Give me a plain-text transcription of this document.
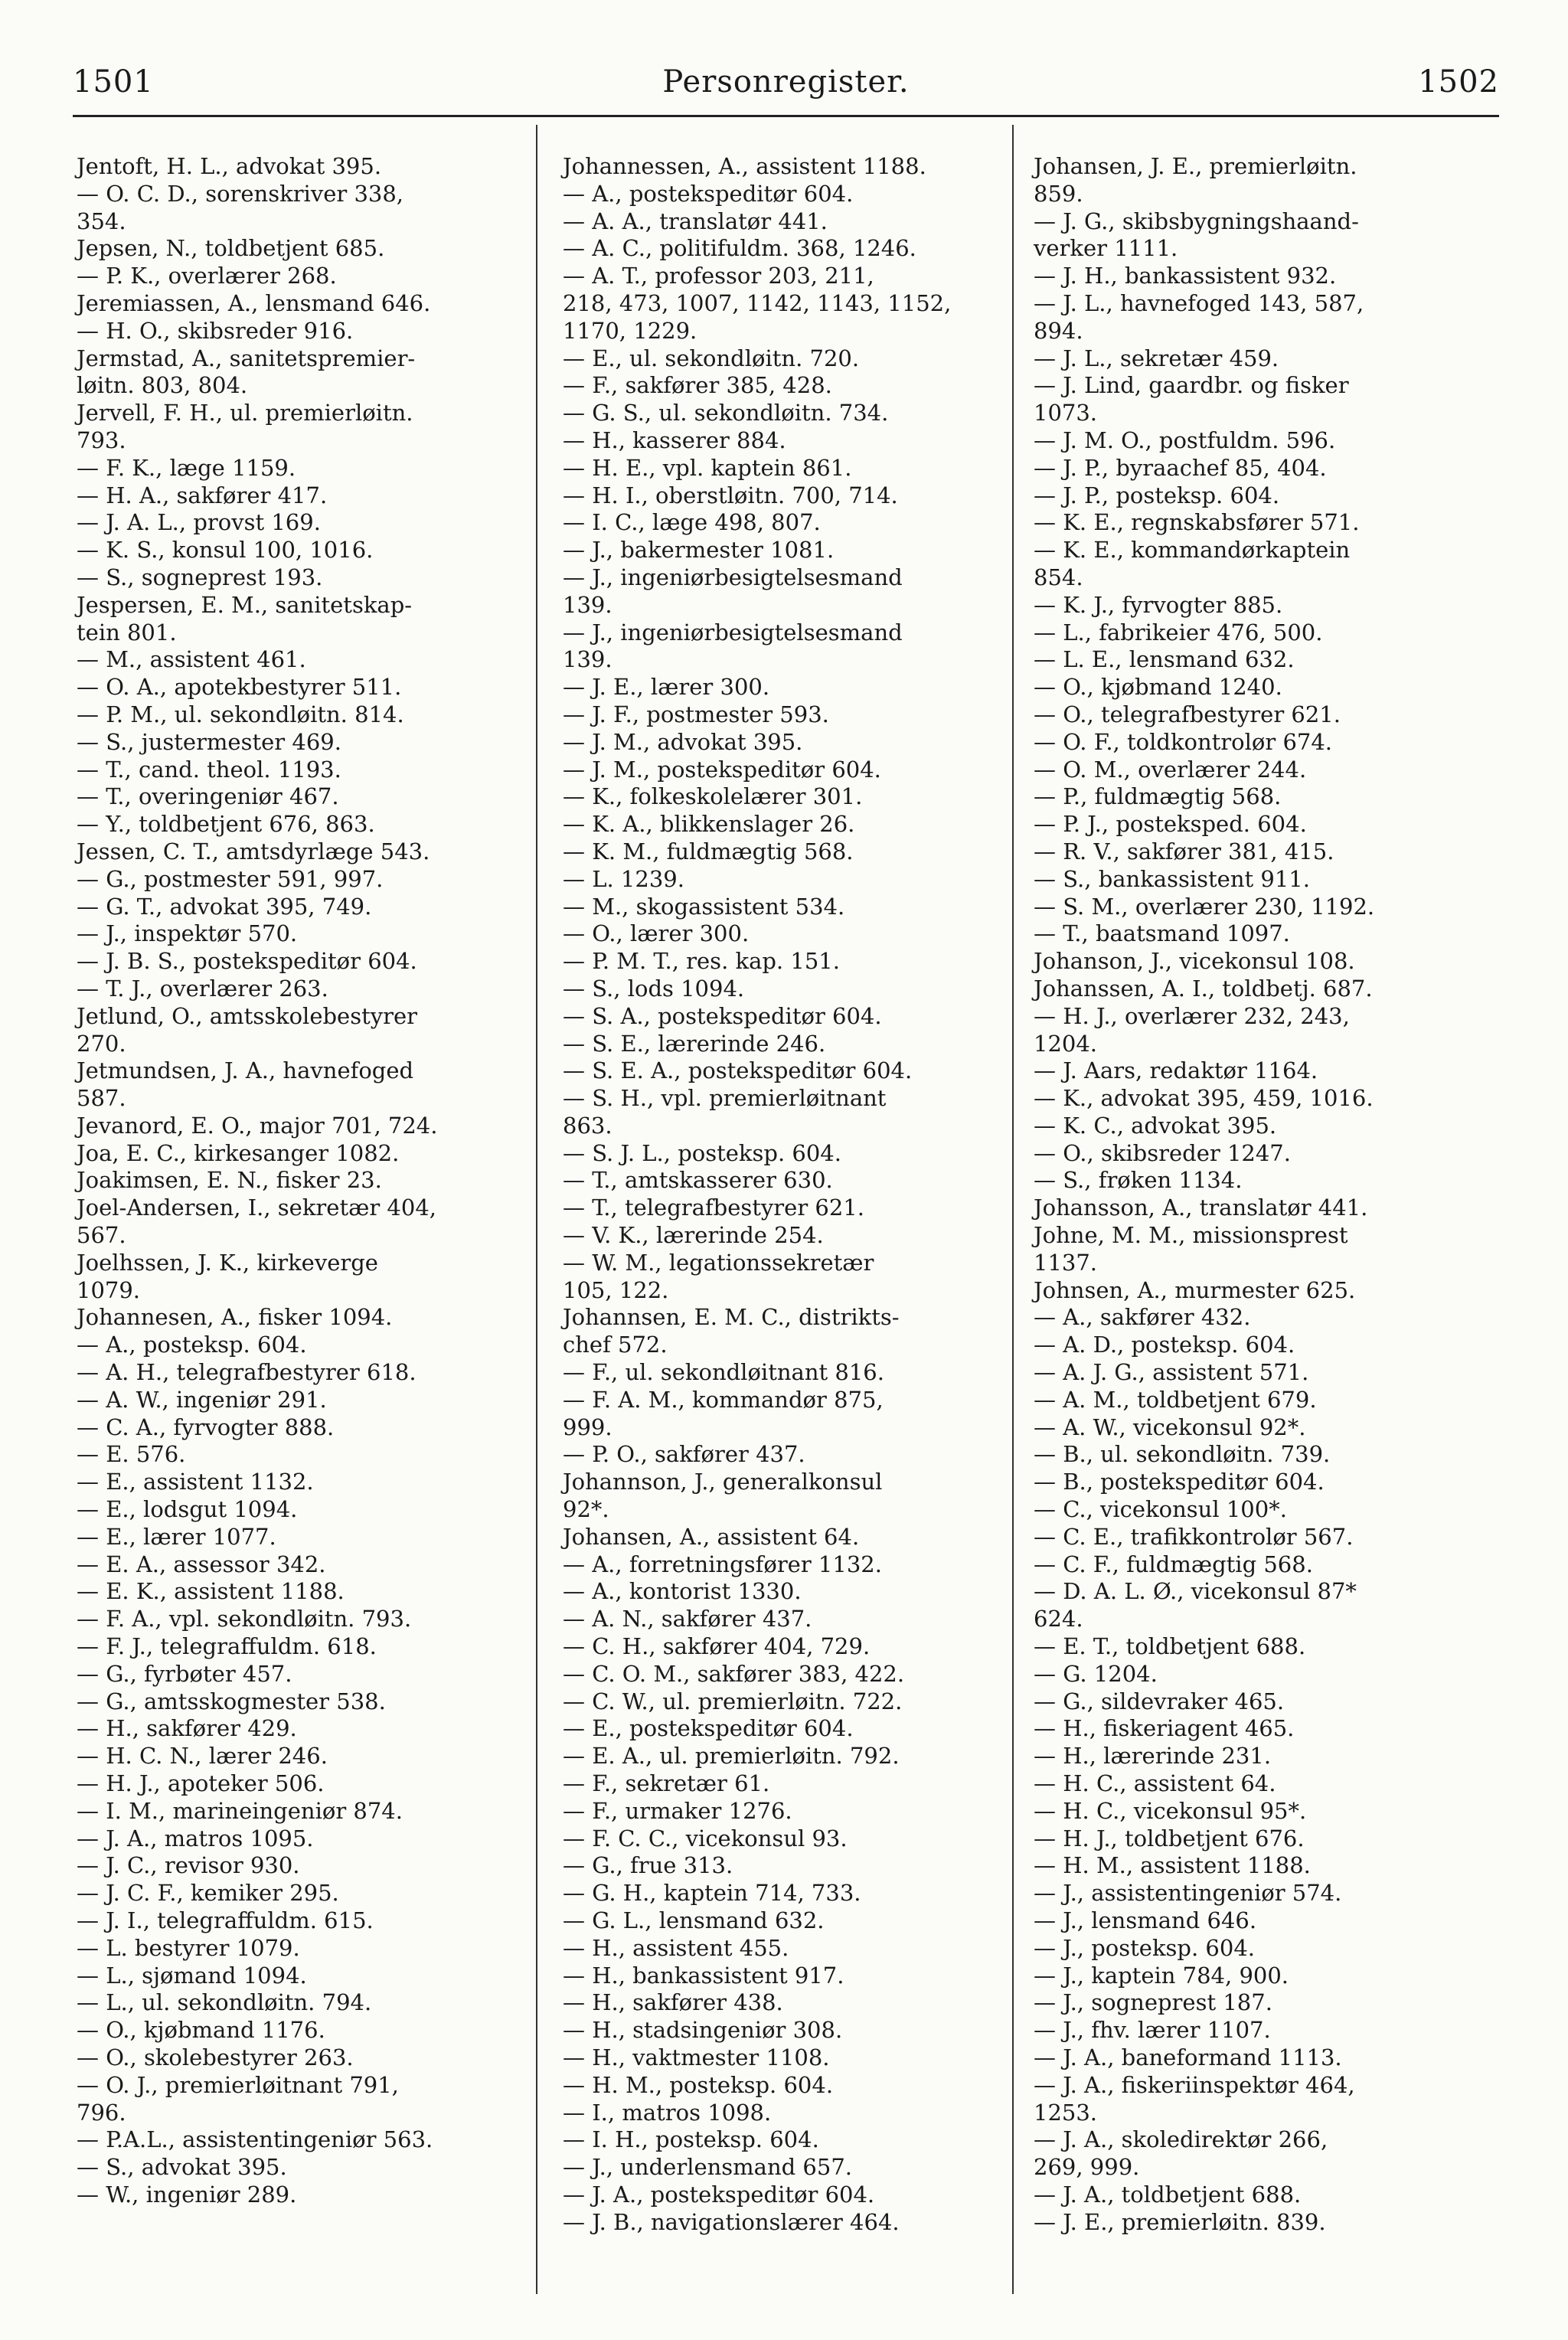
1501	Personregister.	1502
Jentoft, H. L., advokat 395.
— O. C. D., sorenskriver 338,
354.
Jepsen, N., toldbetjent 685.
— P. K., overlærer 268.
Jeremiassen, A., lensmand 646.
— H. O., skibsreder 916.
Jermstad, A., sanitetspremier-
løitn. 803, 804.
Jervell, F. H., ul. premierløitn.
793.
— F. K., læge 1159.
— H. A., sakfører 417.
— J. A. L., provst 169.
— K. S., konsul 100, 1016.
— S., sogneprest 193.
Jespersen, E. M., sanitetskap-
tein 801.
— M., assistent 461.
— O. A., apotekbestyrer 511.
— P. M., ul. sekondløitn. 814.
— S., justermester 469.
— T., cand. theol. 1193.
— T., overingeniør 467.
— Y., toldbetjent 676, 863.
Jessen, C. T., amtsdyrlæge 543.
— G., postmester 591, 997.
— G. T., advokat 395, 749.
— J., inspektør 570.
— J. B. S., postekspeditør 604.
— T. J., overlærer 263.
Jetlund, O., amtsskolebestyrer
270.
Jetmundsen, J. A., havnefoged
587.
Jevanord, E. O., major 701, 724.
Joa, E. C., kirkesanger 1082.
Joakimsen, E. N., fisker 23.
Joel-Andersen, I., sekretær 404,
567.
Joelhssen, J. K., kirkeverge
1079.
Johannesen, A., fisker 1094.
— A., posteksp. 604.
— A. H., telegrafbestyrer 618.
— A. W., ingeniør 291.
— C. A., fyrvogter 888.
— E. 576.
— E., assistent 1132.
— E., lodsgut 1094.
— E., lærer 1077.
— E. A., assessor 342.
— E. K., assistent 1188.
— F. A., vpl. sekondløitn. 793.
— F. J., telegraffuldm. 618.
— G., fyrbøter 457.
— G., amtsskogmester 538.
— H., sakfører 429.
— H. C. N., lærer 246.
— H. J., apoteker 506.
— I. M., marineingeniør 874.
— J. A., matros 1095.
— J. C., revisor 930.
— J. C. F., kemiker 295.
— J. I., telegraffuldm. 615.
— L. bestyrer 1079.
— L., sjømand 1094.
— L., ul. sekondløitn. 794.
— O., kjøbmand 1176.
— O., skolebestyrer 263.
— O. J., premierløitnant 791,
796.
— P.A.L., assistentingeniør 563.
— S., advokat 395.
— W., ingeniør 289.
Johannessen, A., assistent 1188.
— A., postekspeditør 604.
— A. A., translatør 441.
— A. C., politifuldm. 368, 1246.
— A. T., professor 203, 211,
218, 473, 1007, 1142, 1143, 1152,
1170, 1229.
— E., ul. sekondløitn. 720.
— F., sakfører 385, 428.
— G. S., ul. sekondløitn. 734.
— H., kasserer 884.
— H. E., vpl. kaptein 861.
— H. I., oberstløitn. 700, 714.
— I. C., læge 498, 807.
— J., bakermester 1081.
— J., ingeniørbesigtelsesmand
139.
— J., ingeniørbesigtelsesmand
139.
— J. E., lærer 300.
— J. F., postmester 593.
— J. M., advokat 395.
— J. M., postekspeditør 604.
— K., folkeskolelærer 301.
— K. A., blikkenslager 26.
— K. M., fuldmægtig 568.
— L. 1239.
— M., skogassistent 534.
— O., lærer 300.
— P. M. T., res. kap. 151.
— S., lods 1094.
— S. A., postekspeditør 604.
— S. E., lærerinde 246.
— S. E. A., postekspeditør 604.
— S. H., vpl. premierløitnant
863.
— S. J. L., posteksp. 604.
— T., amtskasserer 630.
— T., telegrafbestyrer 621.
— V. K., lærerinde 254.
— W. M., legationssekretær
105, 122.
Johannsen, E. M. C., distrikts-
chef 572.
— F., ul. sekondløitnant 816.
— F. A. M., kommandør 875,
999.
— P. O., sakfører 437.
Johannson, J., generalkonsul
92*.
Johansen, A., assistent 64.
— A., forretningsfører 1132.
— A., kontorist 1330.
— A. N., sakfører 437.
— C. H., sakfører 404, 729.
— C. O. M., sakfører 383, 422.
— C. W., ul. premierløitn. 722.
— E., postekspeditør 604.
— E. A., ul. premierløitn. 792.
— F., sekretær 61.
— F., urmaker 1276.
— F. C. C., vicekonsul 93.
— G., frue 313.
— G. H., kaptein 714, 733.
— G. L., lensmand 632.
— H., assistent 455.
— H., bankassistent 917.
— H., sakfører 438.
— H., stadsingeniør 308.
— H., vaktmester 1108.
— H. M., posteksp. 604.
— I., matros 1098.
— I. H., posteksp. 604.
— J., underlensmand 657.
— J. A., postekspeditør 604.
— J. B., navigationslærer 464.
Johansen, J. E., premierløitn.
859.
— J. G., skibsbygningshaand-
verker 1111.
— J. H., bankassistent 932.
— J. L., havnefoged 143, 587,
894.
— J. L., sekretær 459.
— J. Lind, gaardbr. og fisker
1073.
— J. M. O., postfuldm. 596.
— J. P., byraachef 85, 404.
— J. P., posteksp. 604.
— K. E., regnskabsfører 571.
— K. E., kommandørkaptein
854.
— K. J., fyrvogter 885.
— L., fabrikeier 476, 500.
— L. E., lensmand 632.
— O., kjøbmand 1240.
— O., telegrafbestyrer 621.
— O. F., toldkontrolør 674.
— O. M., overlærer 244.
— P., fuldmægtig 568.
— P. J., posteksped. 604.
— R. V., sakfører 381, 415.
— S., bankassistent 911.
— S. M., overlærer 230, 1192.
— T., baatsmand 1097.
Johanson, J., vicekonsul 108.
Johanssen, A. I., toldbetj. 687.
— H. J., overlærer 232, 243,
1204.
— J. Aars, redaktør 1164.
— K., advokat 395, 459, 1016.
— K. C., advokat 395.
— O., skibsreder 1247.
— S., frøken 1134.
Johansson, A., translatør 441.
Johne, M. M., missionsprest
1137.
Johnsen, A., murmester 625.
— A., sakfører 432.
— A. D., posteksp. 604.
— A. J. G., assistent 571.
— A. M., toldbetjent 679.
— A. W., vicekonsul 92*.
— B., ul. sekondløitn. 739.
— B., postekspeditør 604.
— C., vicekonsul 100*.
— C. E., trafikkontrolør 567.
— C. F., fuldmægtig 568.
— D. A. L. Ø., vicekonsul 87*
624.
— E. T., toldbetjent 688.
— G. 1204.
— G., sildevraker 465.
— H., fiskeriagent 465.
— H., lærerinde 231.
— H. C., assistent 64.
— H. C., vicekonsul 95*.
— H. J., toldbetjent 676.
— H. M., assistent 1188.
— J., assistentingeniør 574.
— J., lensmand 646.
— J., posteksp. 604.
— J., kaptein 784, 900.
— J., sogneprest 187.
— J., fhv. lærer 1107.
— J. A., baneformand 1113.
— J. A., fiskeriinspektør 464,
1253.
— J. A., skoledirektør 266,
269, 999.
— J. A., toldbetjent 688.
— J. E., premierløitn. 839.
